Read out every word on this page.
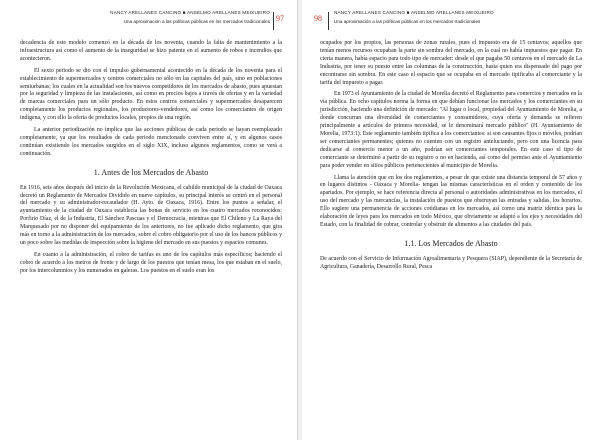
NANCY ARELLANES CANCINO ■ ANSELMO ARELLANES MEIXUEIRO
Una aproximación a las políticas públicas en los mercados tradicionales 97

decadencia de este modelo comenzó en la década de los noventa, cuando la falta de mantenimiento a la infraestructura así como el aumento de la inseguridad se hizo patente en el aumento de robos e incendios que acontecieron.

El sexto periodo se dio con el impulso gubernamental acontecido en la década de los noventa para el establecimiento de supermercados y centros comerciales no sólo en las capitales del país, sino en poblaciones semiurbanas; los cuales en la actualidad son los nuevos competidores de los mercados de abasto, pues apuestan por la seguridad y limpieza de las instalaciones, así como en precios bajos a través de ofertas y en la variedad de marcas comerciales para un sólo producto. En estos centros comerciales y supermercados desaparecen completamente los productos regionales, los productores-vendedores, así como los comerciantes de origen indígena, y con ello la oferta de productos locales, propios de una región.

La anterior periodización no implica que las acciones públicas de cada periodo se hayan reemplazado completamente, ya que los resultados de cada periodo mencionado conviven entre sí, y en algunos casos continúan existiendo los mercados surgidos en el siglo XIX, incluso algunos reglamentos, como se verá a continuación.

1. Antes de los Mercados de Abasto

En 1916, seis años después del inicio de la Revolución Mexicana, el cabildo municipal de la ciudad de Oaxaca decretó un Reglamento de Mercados Dividido en nueve capítulos, su principal interés se centró en el personal del mercado y su administrador-recaudador (H. Ayto. de Oaxaca, 1916). Entre los puntos a señalar, el ayuntamiento de la ciudad de Oaxaca establecía las bonas de servicio en los cuatro mercados reconocidos: Porfirio Díaz, el de la Industria, El Sánchez Pascuas y el Democracia, mientras que El Chileno y La Raya del Marquesado por no disponer del equipamiento de los anteriores, no fue aplicado dicho reglamento, que gira más en torno a la administración de los mercados, sobre el cobro obligatorio por el uso de los bancos públicos y un poco sobre las medidas de inspección sobre la higiene del mercado en sus puestos y espacios comunes.

En cuanto a la administración, el cobro de tarifas es uno de los capítulos más específicos; haciendo el cobro de acuerdo a los metros de frente y de largo de los puestos que tenían mesa, los que estaban en el suelo, por los intercolumnios y los numerados en galeras. Los puestos en el suelo eran los

98
NANCY ARELLANES CANCINO ■ ANSELMO ARELLANES MEIXUEIRO
Una aproximación a las políticas públicas en los mercados tradicionales

ocupados por los propios, las personas de zonas rurales, pues el impuesto era de 15 centavos; aquellos que tenían menos recursos ocupaban la parte sin sombra del mercado, en la cual no había impuestos que pagar. En cierta manera, había espacio para todo tipo de mercader: desde el que pagaba 50 centavos en el mercado de La Industria, por tener su puesto entre las columnas de la construcción, hasta quien era dispensado del pago por encontrarse sin sombra. En este caso el espacio que se ocupaba en el mercado tipificaba al comerciante y la tarifa del impuesto a pagar.

En 1973 el Ayuntamiento de la ciudad de Morelia decretó el Reglamento para comercios y mercados en la vía pública. En ocho capítulos norma la forma en que debían funcionar los mercados y los comerciantes en su jurisdicción, haciendo una definición de mercado: "Al lugar o local, propiedad del Ayuntamiento de Morelia, a donde concurran una diversidad de comerciantes y consumidores, cuya oferta y demanda se refieren principalmente a artículos de primera necesidad, se le denominará mercado público" (H. Ayuntamiento de Morelia, 1973:1). Este reglamento también tipifica a los comerciantes: si son causantes fijos o móviles, podrían ser comerciantes permanentes; quienes no cuenten con un registro anteluciando, pero con una licencia para dedicarse al comercio menor a un año, podrían ser comerciantes temporales. En este caso el tipo de comerciante se determinó a partir de su registro o no en hacienda, así como del permiso ante el Ayuntamiento para poder vender en sitios públicos pertenecientes al municipio de Morelia.

Llama la atención que en los dos reglamentos, a pesar de que existe una distancia temporal de 57 años y en lugares distintos - Oaxaca y Morelia- tengan las mismas características en el orden y contenido de los apartados. Por ejemplo, se hace referencia directa al personal o autoridades administrativas en los mercados, el uso del mercado y las mercancías, la instalación de puestos que obstruyan las entradas y salidas, los horarios. Ello sugiere una permanencia de acciones cotidianas en los mercados, así como una matriz idéntica para la elaboración de leyes para los mercados en todo México, que obviamente se adaptó a los ejes y necesidades del Estado, con la finalidad de cobrar, controlar y obstruir de alimentos a las ciudades del país.

1.1. Los Mercados de Abasto

De acuerdo con el Servicio de Información Agroalimentaria y Pesquera (SIAP), dependiente de la Secretaría de Agricultura, Ganadería, Desarrollo Rural, Pesca
